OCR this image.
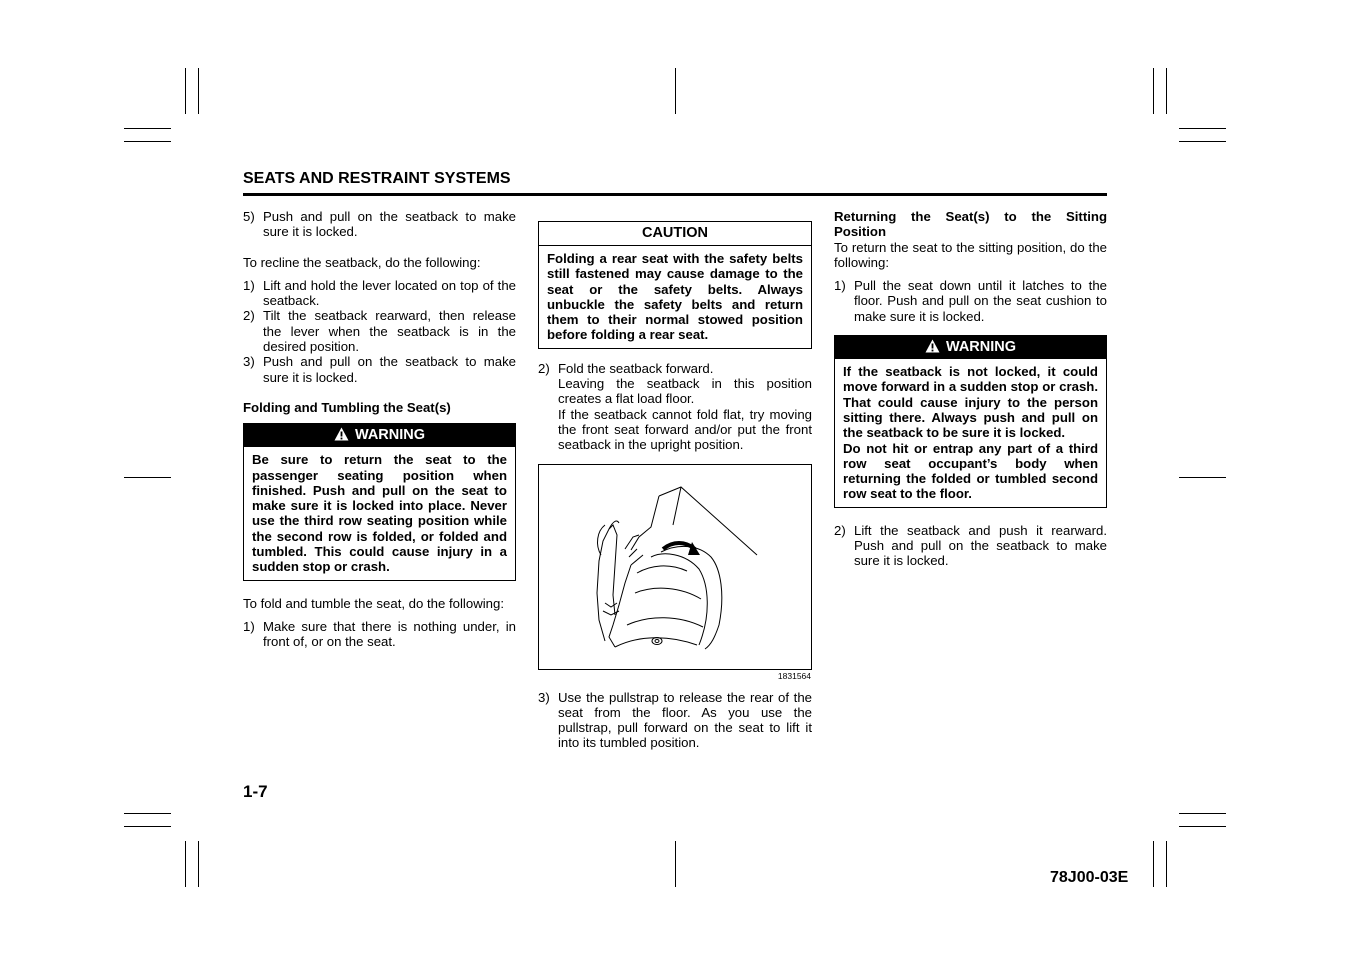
SEATS AND RESTRAINT SYSTEMS
5) Push and pull on the seatback to make sure it is locked.

To recline the seatback, do the following:

1) Lift and hold the lever located on top of the seatback.
2) Tilt the seatback rearward, then release the lever when the seatback is in the desired position.
3) Push and pull on the seatback to make sure it is locked.

Folding and Tumbling the Seat(s)

WARNING
Be sure to return the seat to the passenger seating position when finished. Push and pull on the seat to make sure it is locked into place. Never use the third row seating position while the second row is folded, or folded and tumbled. This could cause injury in a sudden stop or crash.

To fold and tumble the seat, do the following:

1) Make sure that there is nothing under, in front of, or on the seat.
CAUTION
Folding a rear seat with the safety belts still fastened may cause damage to the seat or the safety belts. Always unbuckle the safety belts and return them to their normal stowed position before folding a rear seat.
2) Fold the seatback forward.

Leaving the seatback in this position creates a flat load floor.

If the seatback cannot fold flat, try moving the front seat forward and/or put the front seatback in the upright position.

1831564
3) Use the pullstrap to release the rear of the seat from the floor. As you use the pullstrap, pull forward on the seat to lift it into its tumbled position.

Returning the Seat(s) to the Sitting Position

To return the seat to the sitting position, do the following:

1) Pull the seat down until it latches to the floor. Push and pull on the seat cushion to make sure it is locked.
WARNING

If the seatback is not locked, it could move forward in a sudden stop or crash. That could cause injury to the person sitting there. Always push and pull on the seatback to be sure it is locked.

Do not hit or entrap any part of a third row seat occupant’s body when returning the folded or tumbled second row seat to the floor.

2) Lift the seatback and push it rearward. Push and pull on the seatback to make sure it is locked.
1-7
78J00-03E
